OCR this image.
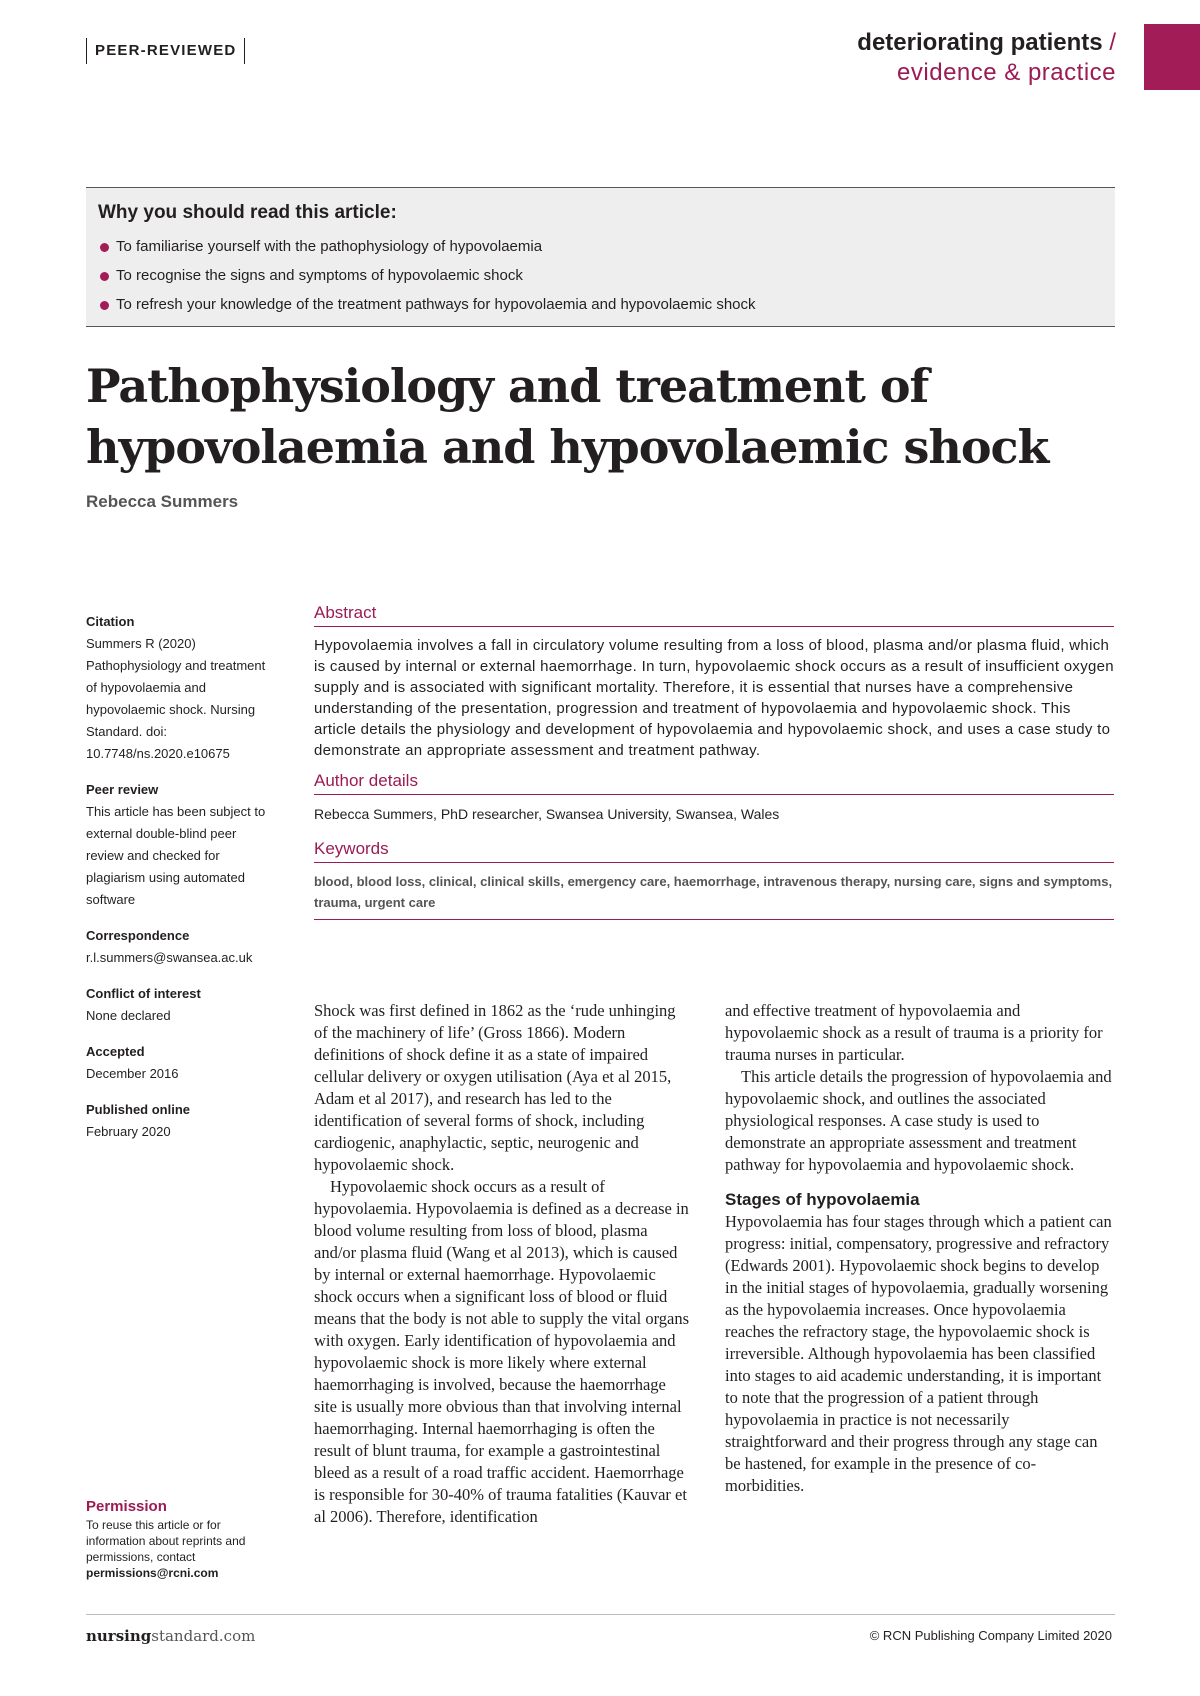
PEER-REVIEWED	deteriorating patients /
evidence & practice
Why you should read this article:
To familiarise yourself with the pathophysiology of hypovolaemia
To recognise the signs and symptoms of hypovolaemic shock
To refresh your knowledge of the treatment pathways for hypovolaemia and hypovolaemic shock
Pathophysiology and treatment of
hypovolaemia and hypovolaemic shock
Rebecca Summers
Citation
Summers R (2020) Pathophysiology and treatment of hypovolaemia and hypovolaemic shock. Nursing Standard. doi: 10.7748/ns.2020.e10675
Peer review
This article has been subject to external double-blind peer review and checked for plagiarism using automated software
Correspondence
r.l.summers@swansea.ac.uk
Conflict of interest
None declared
Accepted
December 2016
Published online
February 2020
Permission
To reuse this article or for information about reprints and permissions, contact
permissions@rcni.com
Abstract

Hypovolaemia involves a fall in circulatory volume resulting from a loss of blood, plasma and/or plasma fluid, which is caused by internal or external haemorrhage. In turn, hypovolaemic shock occurs as a result of insufficient oxygen supply and is associated with significant mortality. Therefore, it is essential that nurses have a comprehensive understanding of the presentation, progression and treatment of hypovolaemia and hypovolaemic shock. This article details the physiology and development of hypovolaemia and hypovolaemic shock, and uses a case study to demonstrate an appropriate assessment and treatment pathway.

Author details

Rebecca Summers, PhD researcher, Swansea University, Swansea, Wales

Keywords

blood, blood loss, clinical, clinical skills, emergency care, haemorrhage, intravenous therapy, nursing care, signs and symptoms, trauma, urgent care

Shock was first defined in 1862 as the ‘rude unhinging of the machinery of life’ (Gross 1866). Modern definitions of shock define it as a state of impaired cellular delivery or oxygen utilisation (Aya et al 2015, Adam et al 2017), and research has led to the identification of several forms of shock, including cardiogenic, anaphylactic, septic, neurogenic and hypovolaemic shock.

Hypovolaemic shock occurs as a result of hypovolaemia. Hypovolaemia is defined as a decrease in blood volume resulting from loss of blood, plasma and/or plasma fluid (Wang et al 2013), which is caused by internal or external haemorrhage. Hypovolaemic shock occurs when a significant loss of blood or fluid means that the body is not able to supply the vital organs with oxygen. Early identification of hypovolaemia and hypovolaemic shock is more likely where external haemorrhaging is involved, because the haemorrhage site is usually more obvious than that involving internal haemorrhaging. Internal haemorrhaging is often the result of blunt trauma, for example a gastrointestinal bleed as a result of a road traffic accident. Haemorrhage is responsible for 30-40% of trauma fatalities (Kauvar et al 2006). Therefore, identification

and effective treatment of hypovolaemia and hypovolaemic shock as a result of trauma is a priority for trauma nurses in particular.

This article details the progression of hypovolaemia and hypovolaemic shock, and outlines the associated physiological responses. A case study is used to demonstrate an appropriate assessment and treatment pathway for hypovolaemia and hypovolaemic shock.

Stages of hypovolaemia

Hypovolaemia has four stages through which a patient can progress: initial, compensatory, progressive and refractory (Edwards 2001). Hypovolaemic shock begins to develop in the initial stages of hypovolaemia, gradually worsening as the hypovolaemia increases. Once hypovolaemia reaches the refractory stage, the hypovolaemic shock is irreversible. Although hypovolaemia has been classified into stages to aid academic understanding, it is important to note that the progression of a patient through hypovolaemia in practice is not necessarily straightforward and their progress through any stage can be hastened, for example in the presence of co-morbidities.

nursingstandard.com	© RCN Publishing Company Limited 2020
